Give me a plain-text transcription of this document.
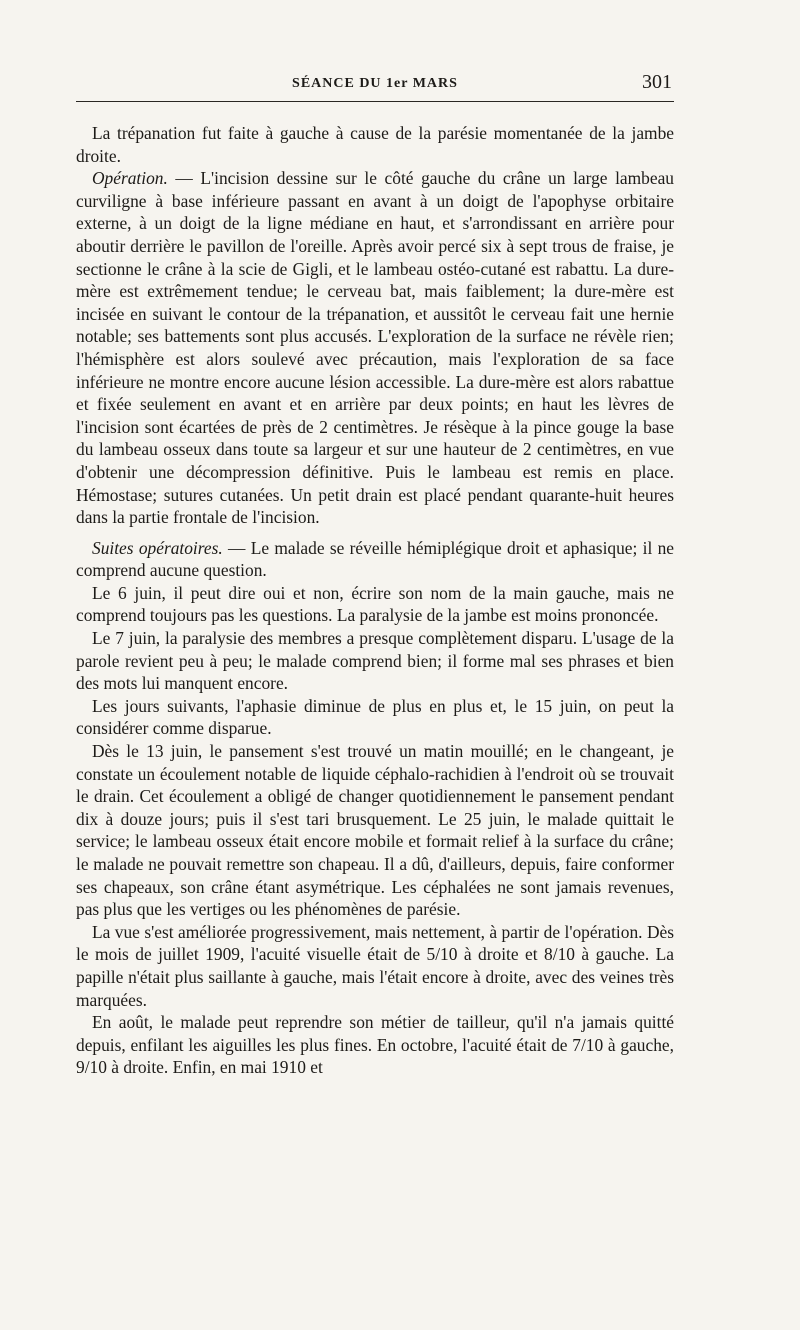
SÉANCE DU 1er MARS	301

La trépanation fut faite à gauche à cause de la parésie momentanée de la jambe droite.

Opération. — L'incision dessine sur le côté gauche du crâne un large lambeau curviligne à base inférieure passant en avant à un doigt de l'apophyse orbitaire externe, à un doigt de la ligne médiane en haut, et s'arrondissant en arrière pour aboutir derrière le pavillon de l'oreille. Après avoir percé six à sept trous de fraise, je sectionne le crâne à la scie de Gigli, et le lambeau ostéo-cutané est rabattu. La dure-mère est extrêmement tendue; le cerveau bat, mais faiblement; la dure-mère est incisée en suivant le contour de la trépanation, et aussitôt le cerveau fait une hernie notable; ses battements sont plus accusés. L'exploration de la surface ne révèle rien; l'hémisphère est alors soulevé avec précaution, mais l'exploration de sa face inférieure ne montre encore aucune lésion accessible. La dure-mère est alors rabattue et fixée seulement en avant et en arrière par deux points; en haut les lèvres de l'incision sont écartées de près de 2 centimètres. Je résèque à la pince gouge la base du lambeau osseux dans toute sa largeur et sur une hauteur de 2 centimètres, en vue d'obtenir une décompression définitive. Puis le lambeau est remis en place. Hémostase; sutures cutanées. Un petit drain est placé pendant quarante-huit heures dans la partie frontale de l'incision.

Suites opératoires. — Le malade se réveille hémiplégique droit et aphasique; il ne comprend aucune question.

Le 6 juin, il peut dire oui et non, écrire son nom de la main gauche, mais ne comprend toujours pas les questions. La paralysie de la jambe est moins prononcée.

Le 7 juin, la paralysie des membres a presque complètement disparu. L'usage de la parole revient peu à peu; le malade comprend bien; il forme mal ses phrases et bien des mots lui manquent encore.

Les jours suivants, l'aphasie diminue de plus en plus et, le 15 juin, on peut la considérer comme disparue.

Dès le 13 juin, le pansement s'est trouvé un matin mouillé; en le changeant, je constate un écoulement notable de liquide céphalo-rachidien à l'endroit où se trouvait le drain. Cet écoulement a obligé de changer quotidiennement le pansement pendant dix à douze jours; puis il s'est tari brusquement. Le 25 juin, le malade quittait le service; le lambeau osseux était encore mobile et formait relief à la surface du crâne; le malade ne pouvait remettre son chapeau. Il a dû, d'ailleurs, depuis, faire conformer ses chapeaux, son crâne étant asymétrique. Les céphalées ne sont jamais revenues, pas plus que les vertiges ou les phénomènes de parésie.

La vue s'est améliorée progressivement, mais nettement, à partir de l'opération. Dès le mois de juillet 1909, l'acuité visuelle était de 5/10 à droite et 8/10 à gauche. La papille n'était plus saillante à gauche, mais l'était encore à droite, avec des veines très marquées.

En août, le malade peut reprendre son métier de tailleur, qu'il n'a jamais quitté depuis, enfilant les aiguilles les plus fines. En octobre, l'acuité était de 7/10 à gauche, 9/10 à droite. Enfin, en mai 1910 et
